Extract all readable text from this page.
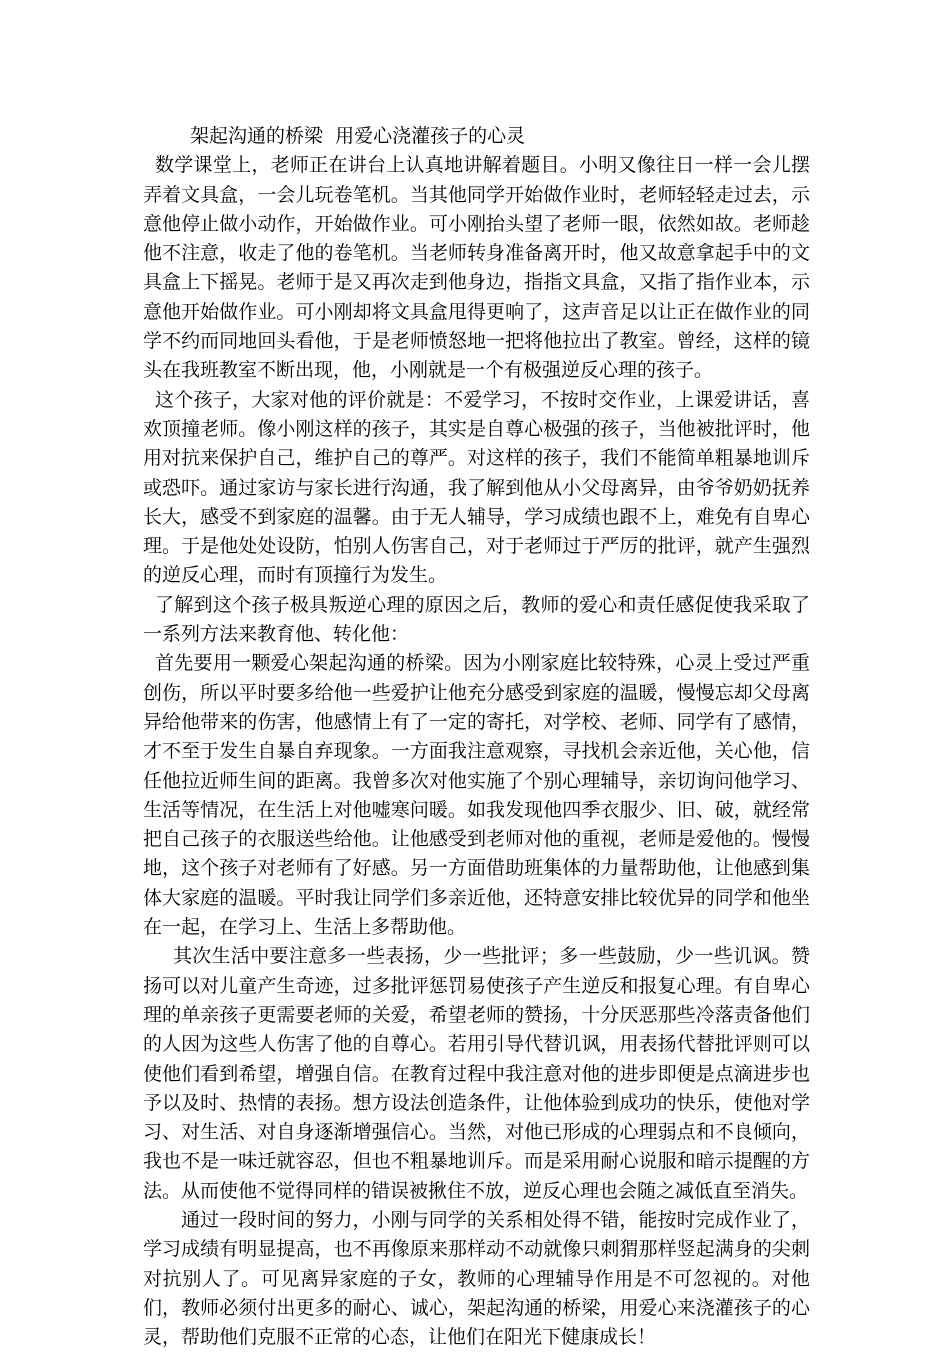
架起沟通的桥梁  用爱心浇灌孩子的心灵

数学课堂上，老师正在讲台上认真地讲解着题目。小明又像往日一样一会儿摆弄着文具盒，一会儿玩卷笔机。当其他同学开始做作业时，老师轻轻走过去，示意他停止做小动作，开始做作业。可小刚抬头望了老师一眼，依然如故。老师趁他不注意，收走了他的卷笔机。当老师转身准备离开时，他又故意拿起手中的文具盒上下摇晃。老师于是又再次走到他身边，指指文具盒，又指了指作业本，示意他开始做作业。可小刚却将文具盒甩得更响了，这声音足以让正在做作业的同学不约而同地回头看他，于是老师愤怒地一把将他拉出了教室。曾经，这样的镜头在我班教室不断出现，他，小刚就是一个有极强逆反心理的孩子。

这个孩子，大家对他的评价就是：不爱学习，不按时交作业，上课爱讲话，喜欢顶撞老师。像小刚这样的孩子，其实是自尊心极强的孩子，当他被批评时，他用对抗来保护自己，维护自己的尊严。对这样的孩子，我们不能简单粗暴地训斥或恐吓。通过家访与家长进行沟通，我了解到他从小父母离异，由爷爷奶奶抚养长大，感受不到家庭的温馨。由于无人辅导，学习成绩也跟不上，难免有自卑心理。于是他处处设防，怕别人伤害自己，对于老师过于严厉的批评，就产生强烈的逆反心理，而时有顶撞行为发生。

了解到这个孩子极具叛逆心理的原因之后，教师的爱心和责任感促使我采取了一系列方法来教育他、转化他：

首先要用一颗爱心架起沟通的桥梁。因为小刚家庭比较特殊，心灵上受过严重创伤，所以平时要多给他一些爱护让他充分感受到家庭的温暖，慢慢忘却父母离异给他带来的伤害，他感情上有了一定的寄托，对学校、老师、同学有了感情，才不至于发生自暴自弃现象。一方面我注意观察，寻找机会亲近他，关心他，信任他拉近师生间的距离。我曾多次对他实施了个别心理辅导，亲切询问他学习、生活等情况，在生活上对他嘘寒问暖。如我发现他四季衣服少、旧、破，就经常把自己孩子的衣服送些给他。让他感受到老师对他的重视，老师是爱他的。慢慢地，这个孩子对老师有了好感。另一方面借助班集体的力量帮助他，让他感到集体大家庭的温暖。平时我让同学们多亲近他，还特意安排比较优异的同学和他坐在一起，在学习上、生活上多帮助他。

其次生活中要注意多一些表扬，少一些批评；多一些鼓励，少一些讥讽。赞扬可以对儿童产生奇迹，过多批评惩罚易使孩子产生逆反和报复心理。有自卑心理的单亲孩子更需要老师的关爱，希望老师的赞扬，十分厌恶那些冷落责备他们的人因为这些人伤害了他的自尊心。若用引导代替讥讽，用表扬代替批评则可以使他们看到希望，增强自信。在教育过程中我注意对他的进步即便是点滴进步也予以及时、热情的表扬。想方设法创造条件，让他体验到成功的快乐，使他对学习、对生活、对自身逐渐增强信心。当然，对他已形成的心理弱点和不良倾向，我也不是一味迁就容忍，但也不粗暴地训斥。而是采用耐心说服和暗示提醒的方法。从而使他不觉得同样的错误被揪住不放，逆反心理也会随之减低直至消失。

通过一段时间的努力，小刚与同学的关系相处得不错，能按时完成作业了，学习成绩有明显提高，也不再像原来那样动不动就像只刺猬那样竖起满身的尖刺对抗别人了。可见离异家庭的子女，教师的心理辅导作用是不可忽视的。对他们，教师必须付出更多的耐心、诚心，架起沟通的桥梁，用爱心来浇灌孩子的心灵，帮助他们克服不正常的心态，让他们在阳光下健康成长！
